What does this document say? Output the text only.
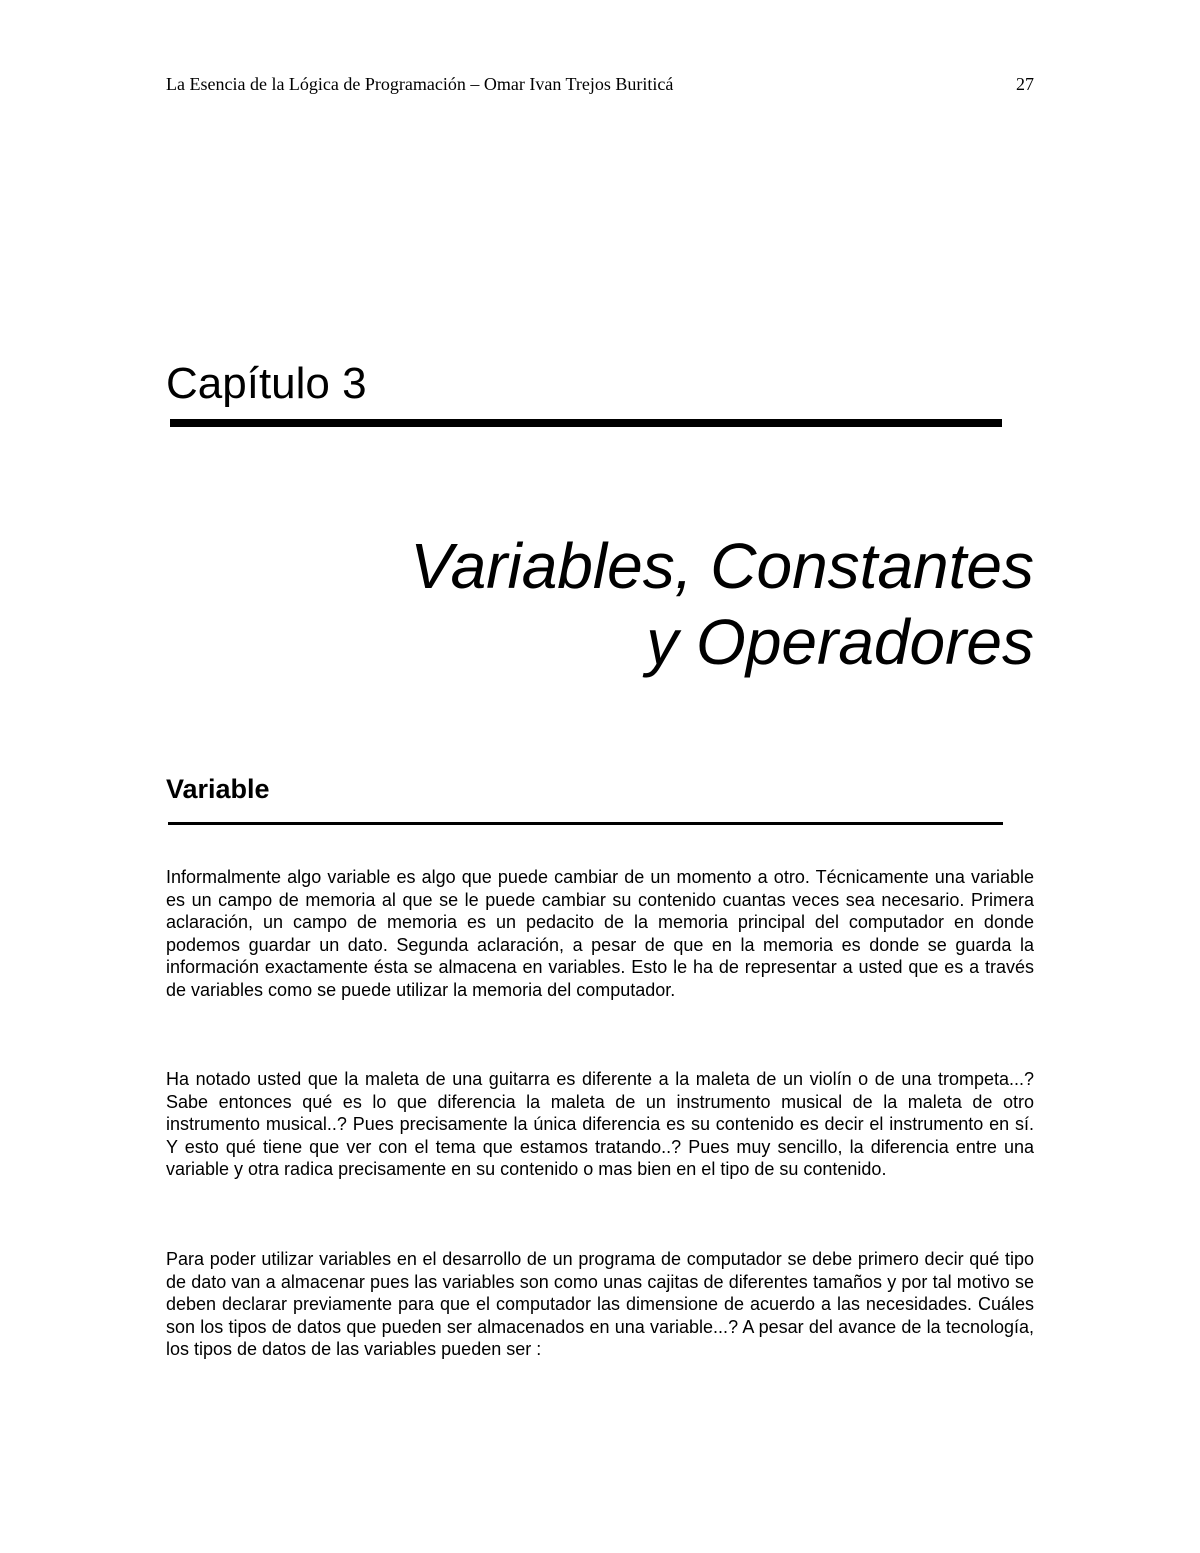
La Esencia de la Lógica de Programación – Omar Ivan Trejos Buriticá	27
Capítulo 3
Variables, Constantes
y Operadores
Variable

Informalmente algo variable es algo que puede cambiar de un momento a otro. Técnicamente una variable es un campo de memoria al que se le puede cambiar su contenido cuantas veces sea necesario. Primera aclaración, un campo de memoria es un pedacito de la memoria principal del computador en donde podemos guardar un dato. Segunda aclaración, a pesar de que en la memoria es donde se guarda la información exactamente ésta se almacena en variables. Esto le ha de representar a usted que es a través de variables como se puede utilizar la memoria del computador.

Ha notado usted que la maleta de una guitarra es diferente a la maleta de un violín o de una trompeta...? Sabe entonces qué es lo que diferencia la maleta de un instrumento musical de la maleta de otro instrumento musical..? Pues precisamente la única diferencia es su contenido es decir el instrumento en sí. Y esto qué tiene que ver con el tema que estamos tratando..? Pues muy sencillo, la diferencia entre una variable y otra radica precisamente en su contenido o mas bien en el tipo de su contenido.

Para poder utilizar variables en el desarrollo de un programa de computador se debe primero decir qué tipo de dato van a almacenar pues las variables son como unas cajitas de diferentes tamaños y por tal motivo se deben declarar previamente para que el computador las dimensione de acuerdo a las necesidades. Cuáles son los tipos de datos que pueden ser almacenados en una variable...? A pesar del avance de la tecnología, los tipos de datos de las variables pueden ser :
